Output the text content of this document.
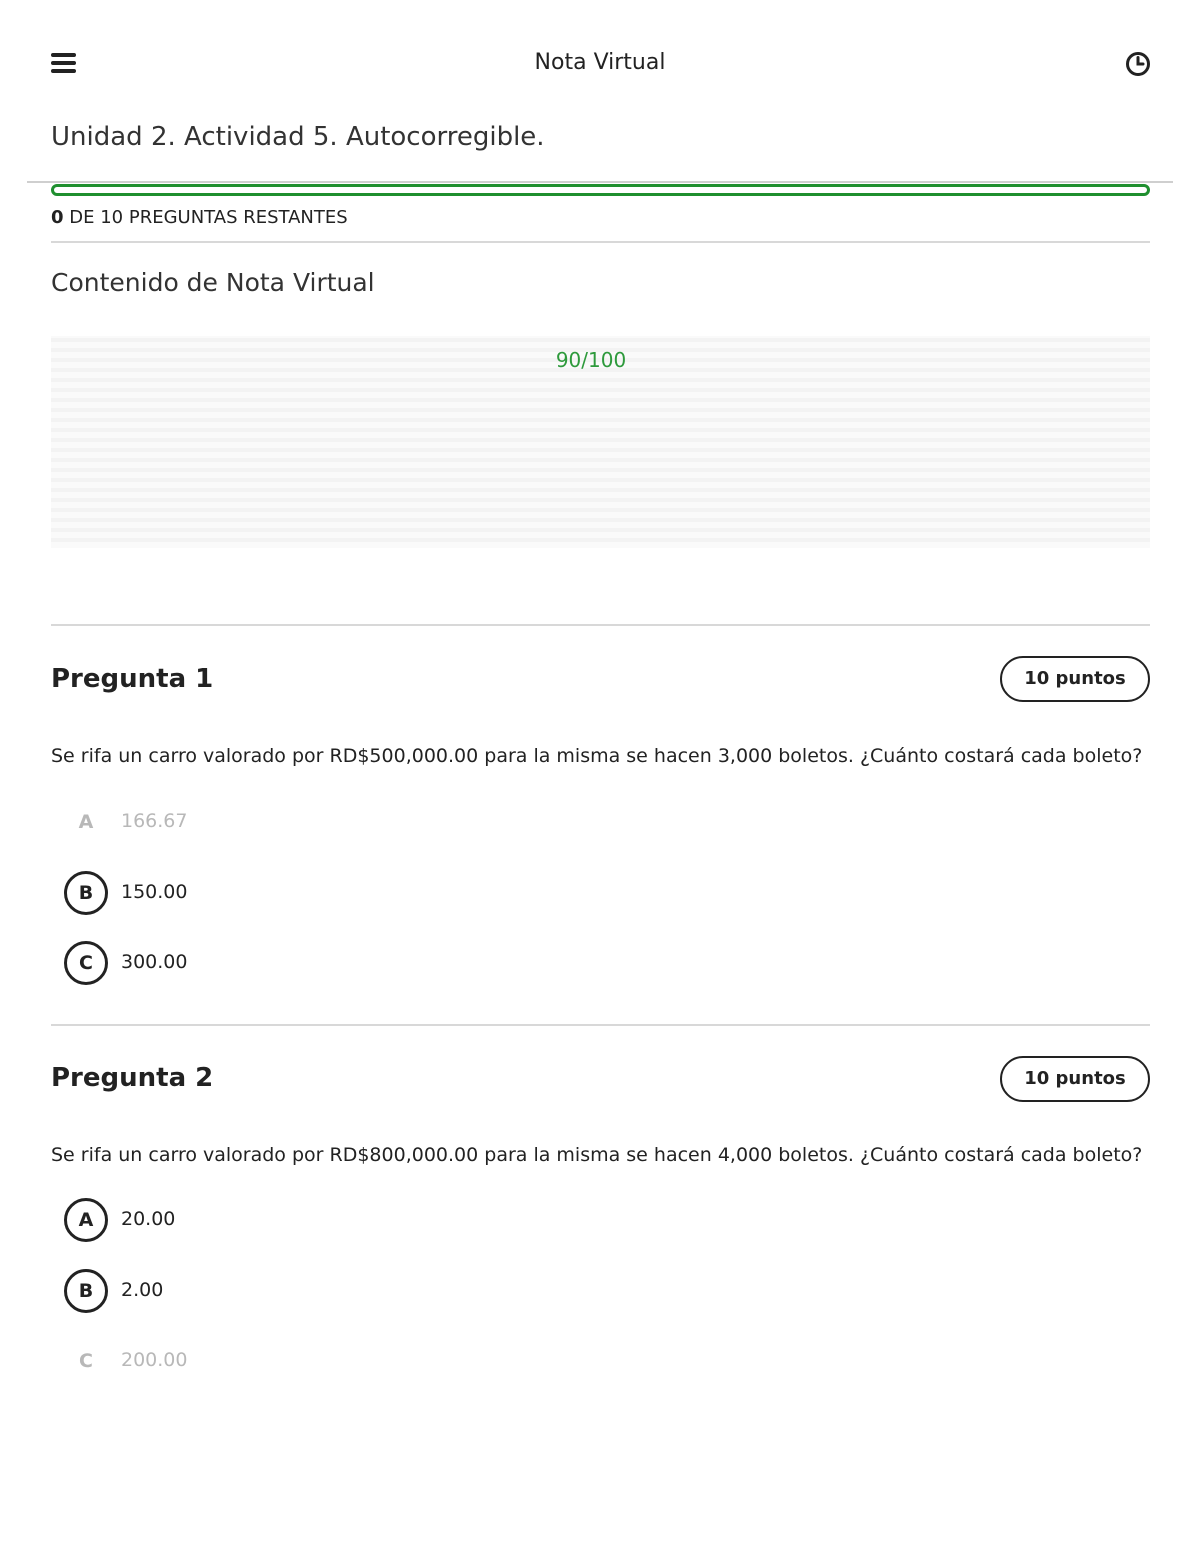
Nota Virtual
Unidad 2. Actividad 5. Autocorregible.
0 DE 10 PREGUNTAS RESTANTES
Contenido de Nota Virtual
90/100
Pregunta 1	10 puntos
Se rifa un carro valorado por RD$500,000.00 para la misma se hacen 3,000 boletos. ¿Cuánto costará cada boleto?
A	166.67
B	150.00
C	300.00
Pregunta 2	10 puntos
Se rifa un carro valorado por RD$800,000.00 para la misma se hacen 4,000 boletos. ¿Cuánto costará cada boleto?
A	20.00
B	2.00
C	200.00
